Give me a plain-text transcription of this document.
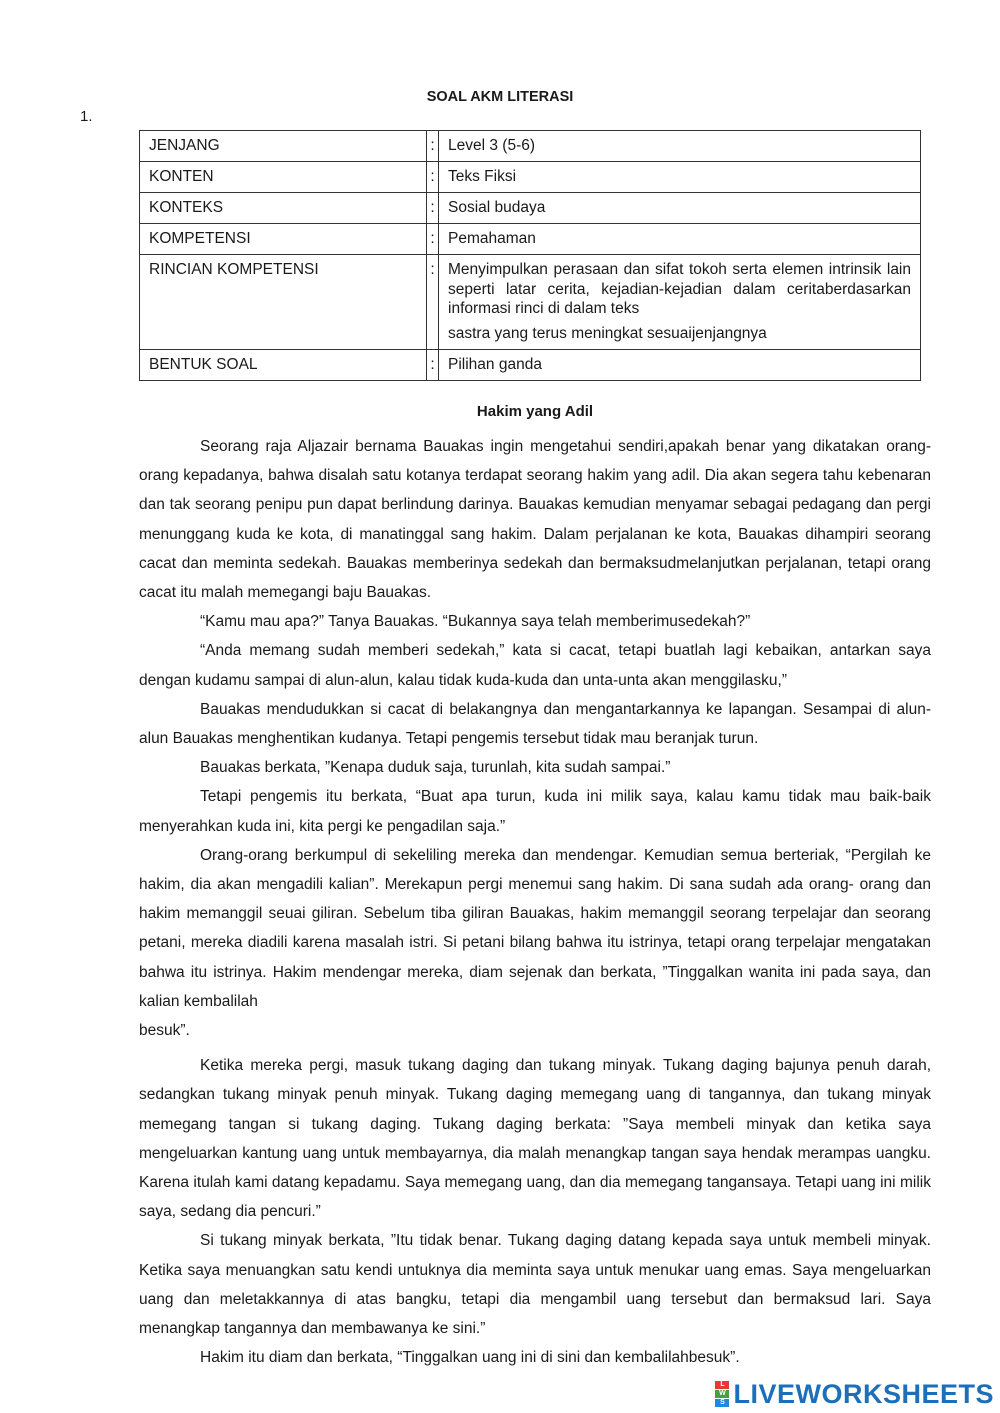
1.
SOAL AKM LITERASI
JENJANG	:	Level 3 (5-6)
KONTEN	:	Teks Fiksi
KONTEKS	:	Sosial budaya
KOMPETENSI	:	Pemahaman
RINCIAN KOMPETENSI	:	Menyimpulkan perasaan dan sifat tokoh serta elemen intrinsik lain seperti latar cerita, kejadian-kejadian dalam ceritaberdasarkan informasi rinci di dalam teks
sastra yang terus meningkat sesuaijenjangnya

BENTUK SOAL	:	Pilihan ganda
Hakim yang Adil

Seorang raja Aljazair bernama Bauakas ingin mengetahui sendiri,apakah benar yang dikatakan orang-orang kepadanya, bahwa disalah satu kotanya terdapat seorang hakim yang adil. Dia akan segera tahu kebenaran dan tak seorang penipu pun dapat berlindung darinya. Bauakas kemudian menyamar sebagai pedagang dan pergi menunggang kuda ke kota, di manatinggal sang hakim. Dalam perjalanan ke kota, Bauakas dihampiri seorang cacat dan meminta sedekah. Bauakas memberinya sedekah dan bermaksudmelanjutkan perjalanan, tetapi orang cacat itu malah memegangi baju Bauakas.

“Kamu mau apa?” Tanya Bauakas. “Bukannya saya telah memberimusedekah?”

“Anda memang sudah memberi sedekah,” kata si cacat, tetapi buatlah lagi kebaikan, antarkan saya dengan kudamu sampai di alun-alun, kalau tidak kuda-kuda dan unta-unta akan menggilasku,”

Bauakas mendudukkan si cacat di belakangnya dan mengantarkannya ke lapangan. Sesampai di alun-alun Bauakas menghentikan kudanya. Tetapi pengemis tersebut tidak mau beranjak turun.

Bauakas berkata, ”Kenapa duduk saja, turunlah, kita sudah sampai.”

Tetapi pengemis itu berkata, “Buat apa turun, kuda ini milik saya, kalau kamu tidak mau baik-baik menyerahkan kuda ini, kita pergi ke pengadilan saja.”

Orang-orang berkumpul di sekeliling mereka dan mendengar. Kemudian semua berteriak, “Pergilah ke hakim, dia akan mengadili kalian”. Merekapun pergi menemui sang hakim. Di sana sudah ada orang- orang dan hakim memanggil seuai giliran. Sebelum tiba giliran Bauakas, hakim memanggil seorang terpelajar dan seorang petani, mereka diadili karena masalah istri. Si petani bilang bahwa itu istrinya, tetapi orang terpelajar mengatakan bahwa itu istrinya. Hakim mendengar mereka, diam sejenak dan berkata, ”Tinggalkan wanita ini pada saya, dan kalian kembalilah

besuk”.

Ketika mereka pergi, masuk tukang daging dan tukang minyak. Tukang daging bajunya penuh darah, sedangkan tukang minyak penuh minyak. Tukang daging memegang uang di tangannya, dan tukang minyak memegang tangan si tukang daging. Tukang daging berkata: ”Saya membeli minyak dan ketika saya mengeluarkan kantung uang untuk membayarnya, dia malah menangkap tangan saya hendak merampas uangku. Karena itulah kami datang kepadamu. Saya memegang uang, dan dia memegang tangansaya. Tetapi uang ini milik saya, sedang dia pencuri.”

Si tukang minyak berkata, ”Itu tidak benar. Tukang daging datang kepada saya untuk membeli minyak. Ketika saya menuangkan satu kendi untuknya dia meminta saya untuk menukar uang emas. Saya mengeluarkan uang dan meletakkannya di atas bangku, tetapi dia mengambil uang tersebut dan bermaksud lari. Saya menangkap tangannya dan membawanya ke sini.”

Hakim itu diam dan berkata, “Tinggalkan uang ini di sini dan kembalilahbesuk”.

L
W
S LIVEWORKSHEETS
